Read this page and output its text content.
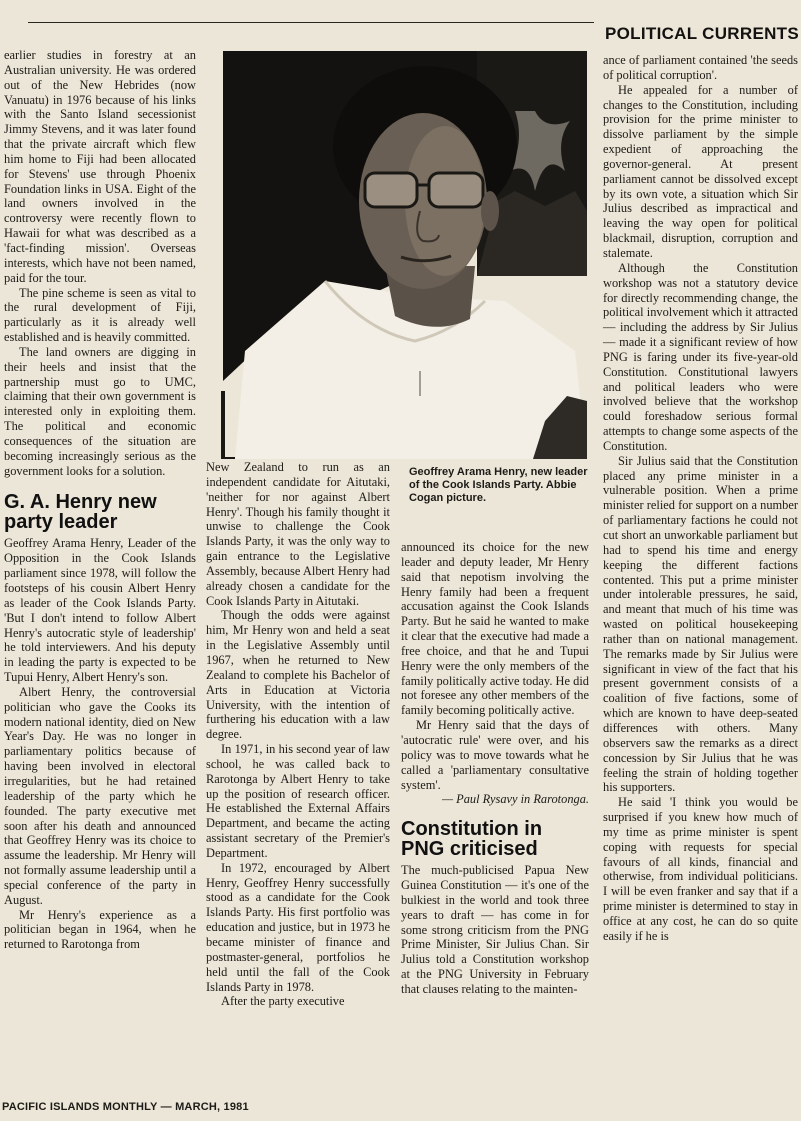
POLITICAL CURRENTS

earlier studies in forestry at an Australian university. He was ordered out of the New Hebrides (now Vanuatu) in 1976 because of his links with the Santo Island secessionist Jimmy Stevens, and it was later found that the private aircraft which flew him home to Fiji had been allocated for Stevens' use through Phoenix Foundation links in USA. Eight of the land owners involved in the controversy were recently flown to Hawaii for what was described as a 'fact-finding mission'. Overseas interests, which have not been named, paid for the tour.

The pine scheme is seen as vital to the rural development of Fiji, particularly as it is already well established and is heavily committed.

The land owners are digging in their heels and insist that the partnership must go to UMC, claiming that their own government is interested only in exploiting them. The political and economic consequences of the situation are becoming increasingly serious as the government looks for a solution.

G. A. Henry new party leader

Geoffrey Arama Henry, Leader of the Opposition in the Cook Islands parliament since 1978, will follow the footsteps of his cousin Albert Henry as leader of the Cook Islands Party. 'But I don't intend to follow Albert Henry's autocratic style of leadership' he told interviewers. And his deputy in leading the party is expected to be Tupui Henry, Albert Henry's son.

Albert Henry, the controversial politician who gave the Cooks its modern national identity, died on New Year's Day. He was no longer in parliamentary politics because of having been involved in electoral irregularities, but he had retained leadership of the party which he founded. The party executive met soon after his death and announced that Geoffrey Henry was its choice to assume the leadership. Mr Henry will not formally assume leadership until a special conference of the party in August.

Mr Henry's experience as a politician began in 1964, when he returned to Rarotonga from

Geoffrey Arama Henry, new leader of the Cook Islands Party. Abbie Cogan picture.

New Zealand to run as an independent candidate for Aitutaki, 'neither for nor against Albert Henry'. Though his family thought it unwise to challenge the Cook Islands Party, it was the only way to gain entrance to the Legislative Assembly, because Albert Henry had already chosen a candidate for the Cook Islands Party in Aitutaki.

Though the odds were against him, Mr Henry won and held a seat in the Legislative Assembly until 1967, when he returned to New Zealand to complete his Bachelor of Arts in Education at Victoria University, with the intention of furthering his education with a law degree.

In 1971, in his second year of law school, he was called back to Rarotonga by Albert Henry to take up the position of research officer. He established the External Affairs Department, and became the acting assistant secretary of the Premier's Department.

In 1972, encouraged by Albert Henry, Geoffrey Henry successfully stood as a candidate for the Cook Islands Party. His first portfolio was education and justice, but in 1973 he became minister of finance and postmaster-general, portfolios he held until the fall of the Cook Islands Party in 1978.

After the party executive

announced its choice for the new leader and deputy leader, Mr Henry said that nepotism involving the Henry family had been a frequent accusation against the Cook Islands Party. But he said he wanted to make it clear that the executive had made a free choice, and that he and Tupui Henry were the only members of the family politically active today. He did not foresee any other members of the family becoming politically active.

Mr Henry said that the days of 'autocratic rule' were over, and his policy was to move towards what he called a 'parliamentary consultative system'.

— Paul Rysavy in Rarotonga.

Constitution in PNG criticised

The much-publicised Papua New Guinea Constitution — it's one of the bulkiest in the world and took three years to draft — has come in for some strong criticism from the PNG Prime Minister, Sir Julius Chan. Sir Julius told a Constitution workshop at the PNG University in February that clauses relating to the mainten-

ance of parliament contained 'the seeds of political corruption'.

He appealed for a number of changes to the Constitution, including provision for the prime minister to dissolve parliament by the simple expedient of approaching the governor-general. At present parliament cannot be dissolved except by its own vote, a situation which Sir Julius described as impractical and leaving the way open for political blackmail, disruption, corruption and stalemate.

Although the Constitution workshop was not a statutory device for directly recommending change, the political involvement which it attracted — including the address by Sir Julius — made it a significant review of how PNG is faring under its five-year-old Constitution. Constitutional lawyers and political leaders who were involved believe that the workshop could foreshadow serious formal attempts to change some aspects of the Constitution.

Sir Julius said that the Constitution placed any prime minister in a vulnerable position. When a prime minister relied for support on a number of parliamentary factions he could not cut short an unworkable parliament but had to spend his time and energy keeping the different factions contented. This put a prime minister under intolerable pressures, he said, and meant that much of his time was wasted on political housekeeping rather than on national management. The remarks made by Sir Julius were significant in view of the fact that his present government consists of a coalition of five factions, some of which are known to have deep-seated differences with others. Many observers saw the remarks as a direct concession by Sir Julius that he was feeling the strain of holding together his supporters.

He said 'I think you would be surprised if you knew how much of my time as prime minister is spent coping with requests for special favours of all kinds, financial and otherwise, from individual politicians. I will be even franker and say that if a prime minister is determined to stay in office at any cost, he can do so quite easily if he is

PACIFIC ISLANDS MONTHLY — MARCH, 1981
